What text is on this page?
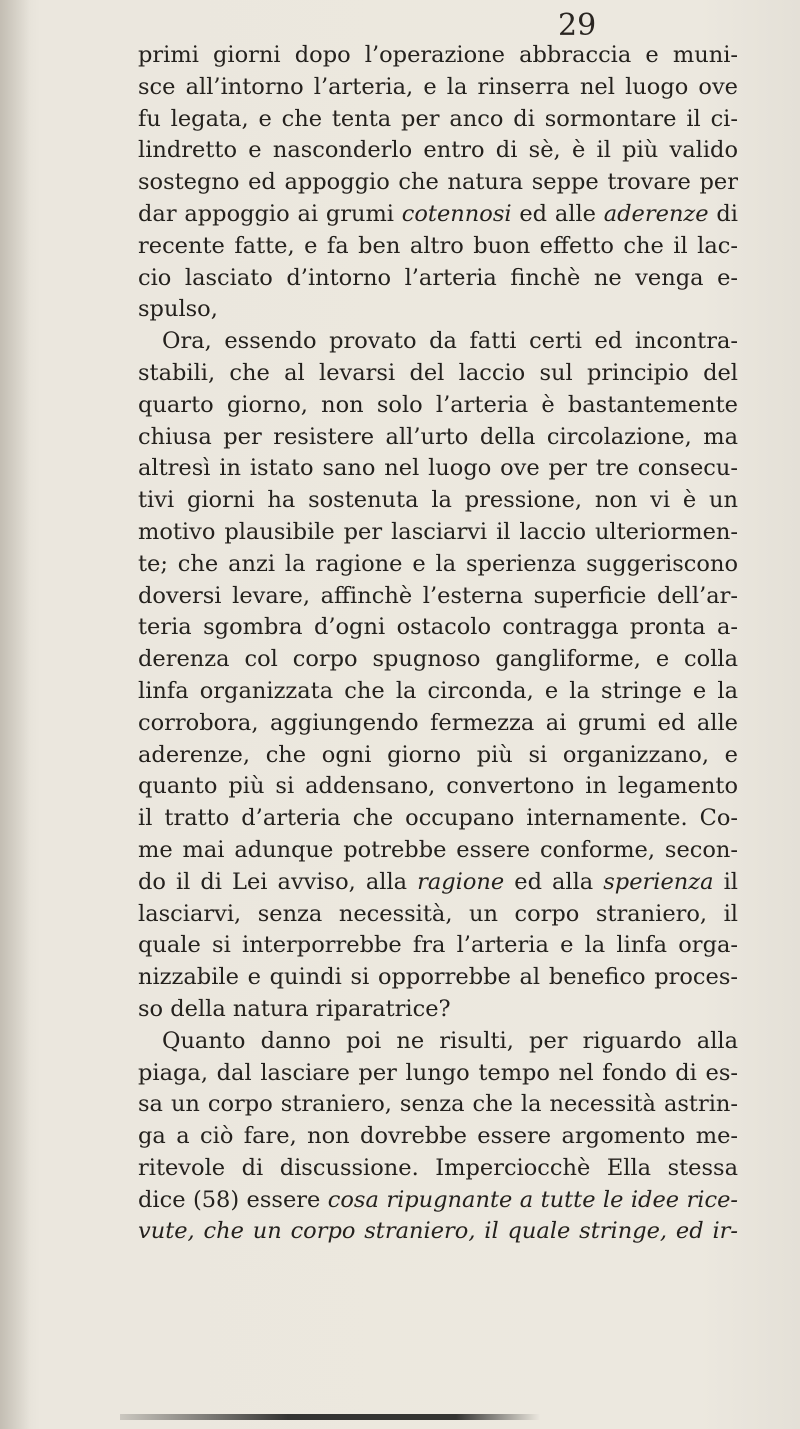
29
primi giorni dopo l’operazione abbraccia e muni-
sce all’intorno l’arteria, e la rinserra nel luogo ove
fu legata, e che tenta per anco di sormontare il ci-
lindretto e nasconderlo entro di sè, è il più valido
sostegno ed appoggio che natura seppe trovare per
dar appoggio ai grumi cotennosi ed alle aderenze di
recente fatte, e fa ben altro buon effetto che il lac-
cio lasciato d’intorno l’arteria finchè ne venga e-
spulso,
Ora, essendo provato da fatti certi ed incontra-
stabili, che al levarsi del laccio sul principio del
quarto giorno, non solo l’arteria è bastantemente
chiusa per resistere all’urto della circolazione, ma
altresì in istato sano nel luogo ove per tre consecu-
tivi giorni ha sostenuta la pressione, non vi è un
motivo plausibile per lasciarvi il laccio ulteriormen-
te; che anzi la ragione e la sperienza suggeriscono
doversi levare, affinchè l’esterna superficie dell’ar-
teria sgombra d’ogni ostacolo contragga pronta a-
derenza col corpo spugnoso gangliforme, e colla
linfa organizzata che la circonda, e la stringe e la
corrobora, aggiungendo fermezza ai grumi ed alle
aderenze, che ogni giorno più si organizzano, e
quanto più si addensano, convertono in legamento
il tratto d’arteria che occupano internamente. Co-
me mai adunque potrebbe essere conforme, secon-
do il di Lei avviso, alla ragione ed alla sperienza il
lasciarvi, senza necessità, un corpo straniero, il
quale si interporrebbe fra l’arteria e la linfa orga-
nizzabile e quindi si opporrebbe al benefico proces-
so della natura riparatrice?
Quanto danno poi ne risulti, per riguardo alla
piaga, dal lasciare per lungo tempo nel fondo di es-
sa un corpo straniero, senza che la necessità astrin-
ga a ciò fare, non dovrebbe essere argomento me-
ritevole di discussione. Imperciocchè Ella stessa
dice (58) essere cosa ripugnante a tutte le idee rice-
vute, che un corpo straniero, il quale stringe, ed ir-
